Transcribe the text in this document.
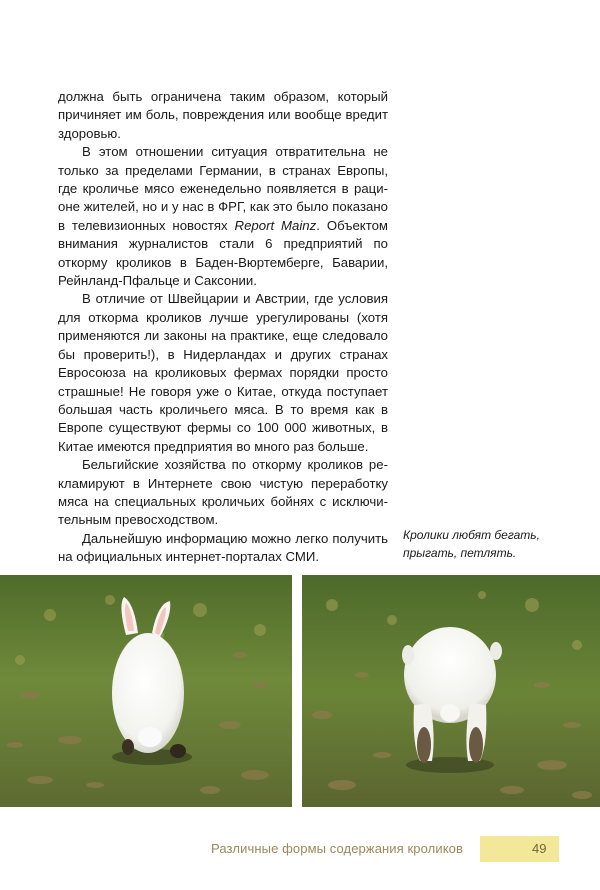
должна быть ограничена таким образом, который причиняет им боль, повреждения или вообще вредит здоровью.

В этом отношении ситуация отвратительна не только за пределами Германии, в странах Европы, где кроличье мясо еженедельно появляется в рационе жителей, но и у нас в ФРГ, как это было показано в телевизионных новостях Report Mainz. Объектом внимания журналистов стали 6 предприятий по откорму кроликов в Баден-Вюртемберге, Баварии, Рейнланд-Пфальце и Саксонии.

В отличие от Швейцарии и Австрии, где условия для откорма кроликов лучше урегулированы (хотя применяются ли законы на практике, еще следовало бы проверить!), в Нидерландах и других странах Евросоюза на кроликовых фермах порядки просто страшные! Не говоря уже о Китае, откуда поступает большая часть кроличьего мяса. В то время как в Европе существуют фермы со 100 000 животных, в Китае имеются предприятия во много раз больше.

Бельгийские хозяйства по откорму кроликов рекламируют в Интернете свою чистую переработку мяса на специальных кроличьих бойнях с исключительным превосходством.

Дальнейшую информацию можно легко получить на официальных интернет-порталах СМИ.

Кролики любят бегать, прыгать, петлять.
Различные формы содержания кроликов	49
